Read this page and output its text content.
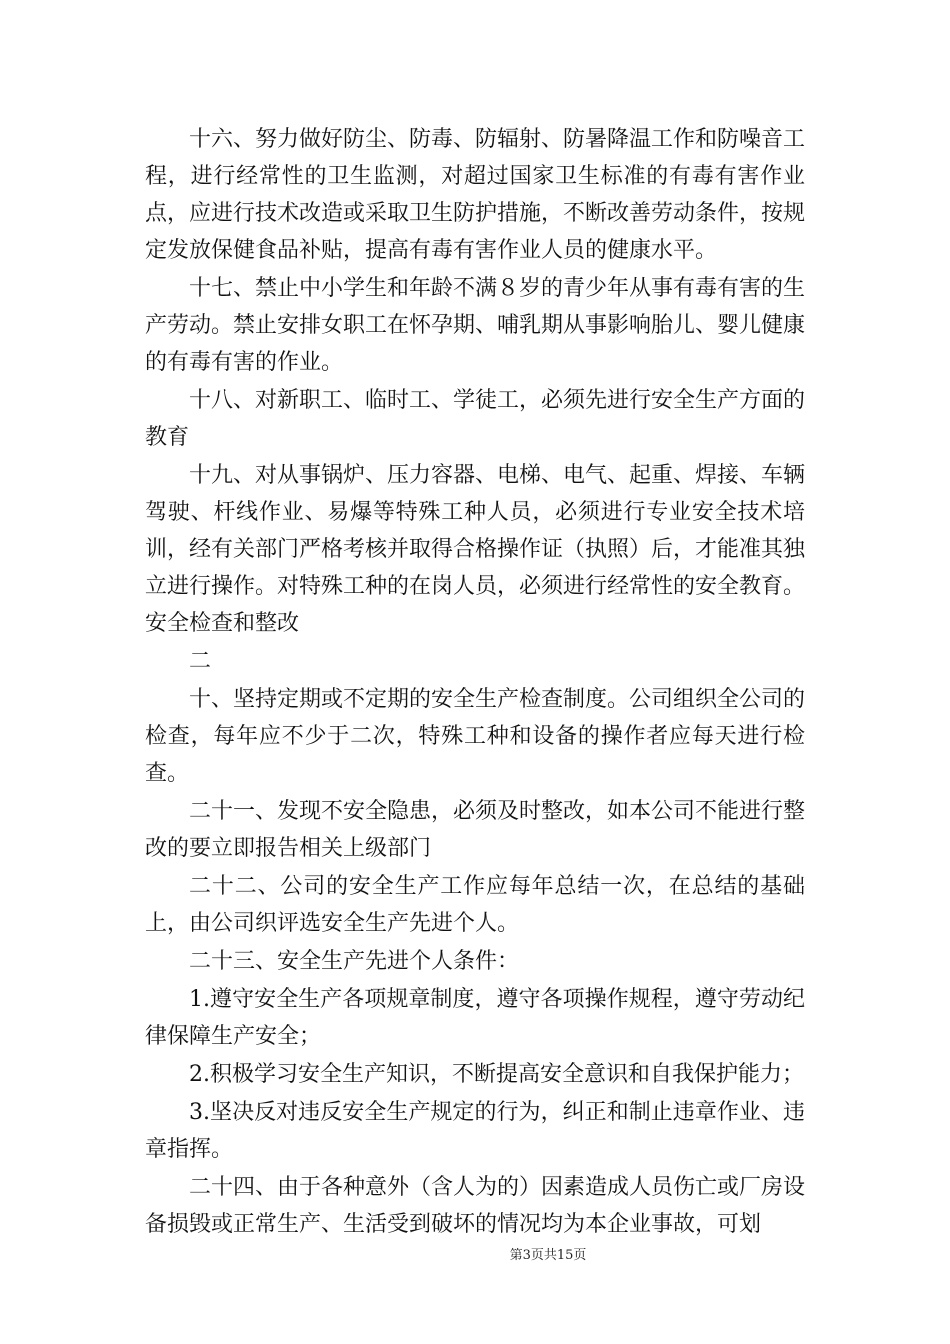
十六、努力做好防尘、防毒、防辐射、防暑降温工作和防噪音工程，进行经常性的卫生监测，对超过国家卫生标准的有毒有害作业点，应进行技术改造或采取卫生防护措施，不断改善劳动条件，按规定发放保健食品补贴，提高有毒有害作业人员的健康水平。

十七、禁止中小学生和年龄不满８岁的青少年从事有毒有害的生产劳动。禁止安排女职工在怀孕期、哺乳期从事影响胎儿、婴儿健康的有毒有害的作业。

十八、对新职工、临时工、学徒工，必须先进行安全生产方面的教育

十九、对从事锅炉、压力容器、电梯、电气、起重、焊接、车辆驾驶、杆线作业、易爆等特殊工种人员，必须进行专业安全技术培训，经有关部门严格考核并取得合格操作证（执照）后，才能准其独立进行操作。对特殊工种的在岗人员，必须进行经常性的安全教育。安全检查和整改

二

十、坚持定期或不定期的安全生产检查制度。公司组织全公司的检查，每年应不少于二次，特殊工种和设备的操作者应每天进行检查。

二十一、发现不安全隐患，必须及时整改，如本公司不能进行整改的要立即报告相关上级部门

二十二、公司的安全生产工作应每年总结一次，在总结的基础上，由公司织评选安全生产先进个人。

二十三、安全生产先进个人条件：

1.遵守安全生产各项规章制度，遵守各项操作规程，遵守劳动纪律保障生产安全；

2.积极学习安全生产知识，不断提高安全意识和自我保护能力；

3.坚决反对违反安全生产规定的行为，纠正和制止违章作业、违章指挥。

二十四、由于各种意外（含人为的）因素造成人员伤亡或厂房设备损毁或正常生产、生活受到破坏的情况均为本企业事故，可划

第3页共15页
